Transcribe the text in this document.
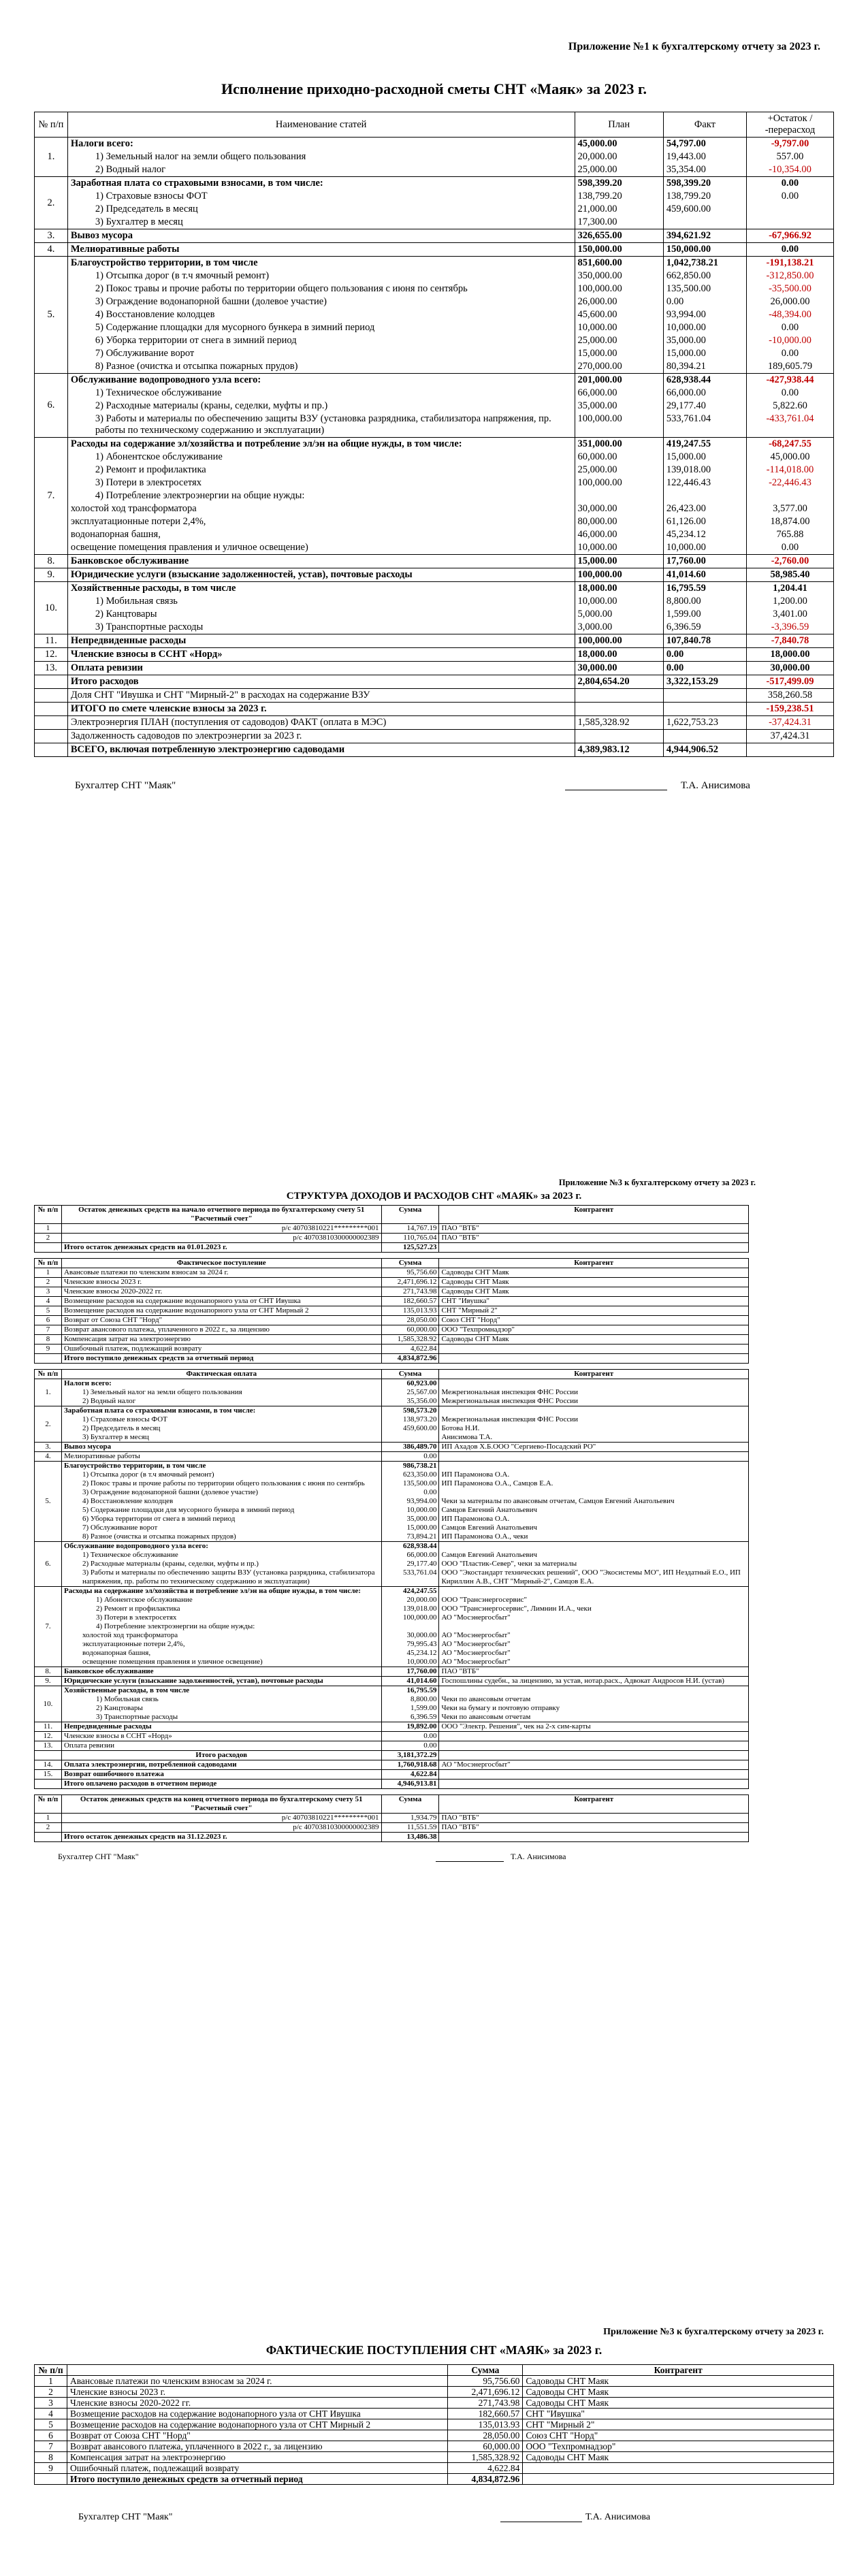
Приложение №1 к бухгалтерскому отчету за 2023 г.
Исполнение приходно-расходной сметы СНТ «Маяк» за 2023 г.
№ п/п	Наименование статей	План	Факт	+Остаток / -перерасход
1.	Налоги всего:	45,000.00	54,797.00	-9,797.00
	1) Земельный налог на земли общего пользования	20,000.00	19,443.00	557.00
	2) Водный налог	25,000.00	35,354.00	-10,354.00
2.	Заработная плата со страховыми взносами, в том числе:	598,399.20	598,399.20	0.00
	1) Страховые взносы ФОТ	138,799.20	138,799.20	0.00
	2) Председатель в месяц	21,000.00	459,600.00	
	3) Бухгалтер в месяц	17,300.00		
3.	Вывоз мусора	326,655.00	394,621.92	-67,966.92
4.	Мелиоративные работы	150,000.00	150,000.00	0.00
5.	Благоустройство территории, в том числе	851,600.00	1,042,738.21	-191,138.21
	1) Отсыпка дорог (в т.ч ямочный ремонт)	350,000.00	662,850.00	-312,850.00
	2) Покос травы и прочие работы по территории общего пользования с июня по сентябрь	100,000.00	135,500.00	-35,500.00
	3) Ограждение водонапорной башни (долевое участие)	26,000.00	0.00	26,000.00
	4) Восстановление колодцев	45,600.00	93,994.00	-48,394.00
	5) Содержание площадки для мусорного бункера в зимний период	10,000.00	10,000.00	0.00
	6) Уборка территории от снега в зимний период	25,000.00	35,000.00	-10,000.00
	7) Обслуживание ворот	15,000.00	15,000.00	0.00
	8) Разное (очистка и отсыпка пожарных прудов)	270,000.00	80,394.21	189,605.79
6.	Обслуживание водопроводного узла всего:	201,000.00	628,938.44	-427,938.44
	1) Техническое обслуживание	66,000.00	66,000.00	0.00
	2) Расходные материалы (краны, седелки, муфты и пр.)	35,000.00	29,177.40	5,822.60
	3) Работы и материалы по обеспечению защиты ВЗУ (установка разрядника, стабилизатора напряжения, пр. работы по техническому содержанию и эксплуатации)	100,000.00	533,761.04	-433,761.04
7.	Расходы на содержание эл/хозяйства и потребление эл/эн на общие нужды, в том числе:	351,000.00	419,247.55	-68,247.55
	1) Абонентское обслуживание	60,000.00	15,000.00	45,000.00
	2) Ремонт и профилактика	25,000.00	139,018.00	-114,018.00
	3) Потери в электросетях	100,000.00	122,446.43	-22,446.43
	4) Потребление электроэнергии на общие нужды:			
	холостой ход трансформатора	30,000.00	26,423.00	3,577.00
	эксплуатационные потери 2,4%,	80,000.00	61,126.00	18,874.00
	водонапорная башня,	46,000.00	45,234.12	765.88
	освещение помещения правления и уличное освещение)	10,000.00	10,000.00	0.00
8.	Банковское обслуживание	15,000.00	17,760.00	-2,760.00
9.	Юридические услуги (взыскание задолженностей, устав), почтовые расходы	100,000.00	41,014.60	58,985.40
10.	Хозяйственные расходы, в том числе	18,000.00	16,795.59	1,204.41
	1) Мобильная связь	10,000.00	8,800.00	1,200.00
	2) Канцтовары	5,000.00	1,599.00	3,401.00
	3) Транспортные расходы	3,000.00	6,396.59	-3,396.59
11.	Непредвиденные расходы	100,000.00	107,840.78	-7,840.78
12.	Членские взносы в ССНТ «Норд»	18,000.00	0.00	18,000.00
13.	Оплата ревизии	30,000.00	0.00	30,000.00
	Итого расходов	2,804,654.20	3,322,153.29	-517,499.09
	Доля СНТ "Ивушка и СНТ "Мирный-2" в расходах на содержание ВЗУ			358,260.58
	ИТОГО по смете членские взносы за 2023 г.			-159,238.51
	Электроэнергия ПЛАН (поступления от садоводов) ФАКТ (оплата в МЭС)	1,585,328.92	1,622,753.23	-37,424.31
	Задолженность садоводов по электроэнергии за 2023 г.			37,424.31
	ВСЕГО, включая потребленную электроэнергию садоводами	4,389,983.12	4,944,906.52	
Бухгалтер СНТ "Маяк"	Т.А. Анисимова
Приложение №3 к бухгалтерскому отчету за 2023 г.
СТРУКТУРА ДОХОДОВ И РАСХОДОВ СНТ «МАЯК» за 2023 г.
№ п/п	Остаток денежных средств на начало отчетного периода по бухгалтерскому счету 51 "Расчетный счет"	Сумма	Контрагент
1	р/с 40703810221*********001	14,767.19	ПАО "ВТБ"
2	р/с 40703810300000002389	110,765.04	ПАО "ВТБ"
	Итого остаток денежных средств на 01.01.2023 г.	125,527.23	

№ п/п	Фактическое поступление	Сумма	Контрагент
1	Авансовые платежи по членским взносам за 2024 г.	95,756.60	Садоводы СНТ Маяк
2	Членские взносы 2023 г.	2,471,696.12	Садоводы СНТ Маяк
3	Членские взносы 2020-2022 гг.	271,743.98	Садоводы СНТ Маяк
4	Возмещение расходов на содержание водонапорного узла от СНТ Ивушка	182,660.57	СНТ "Ивушка"
5	Возмещение расходов на содержание водонапорного узла от СНТ Мирный 2	135,013.93	СНТ "Мирный 2"
6	Возврат от Союза СНТ "Норд"	28,050.00	Союз СНТ "Норд"
7	Возврат авансового платежа, уплаченного в 2022 г., за лицензию	60,000.00	ООО "Техпромнадзор"
8	Компенсация затрат на электроэнергию	1,585,328.92	Садоводы СНТ Маяк
9	Ошибочный платеж, подлежащий возврату	4,622.84	
	Итого поступило денежных средств за отчетный период	4,834,872.96	

№ п/п	Фактическая оплата	Сумма	Контрагент
1.	Налоги всего:	60,923.00	
	1) Земельный налог на земли общего пользования	25,567.00	Межрегиональная инспекция ФНС России
	2) Водный налог	35,356.00	Межрегиональная инспекция ФНС России
2.	Заработная плата со страховыми взносами, в том числе:	598,573.20	
	1) Страховые взносы ФОТ	138,973.20	Межрегиональная инспекция ФНС России
	2) Председатель в месяц	459,600.00	Ботова Н.И.
	3) Бухгалтер в месяц		Анисимова Т.А.
3.	Вывоз мусора	386,489.70	ИП Ахадов Х.Б.ООО "Сергиево-Посадский РО"
4.	Мелиоративные работы	0.00	
5.	Благоустройство территории, в том числе	986,738.21	
	1) Отсыпка дорог (в т.ч ямочный ремонт)	623,350.00	ИП Парамонова О.А.
	2) Покос травы и прочие работы по территории общего пользования с июня по сентябрь	135,500.00	ИП Парамонова О.А., Самцов Е.А.
	3) Ограждение водонапорной башни (долевое участие)	0.00	
	4) Восстановление колодцев	93,994.00	Чеки за материалы по авансовым отчетам, Самцов Евгений Анатольевич
	5) Содержание площадки для мусорного бункера в зимний период	10,000.00	Самцов Евгений Анатольевич
	6) Уборка территории от снега в зимний период	35,000.00	ИП Парамонова О.А.
	7) Обслуживание ворот	15,000.00	Самцов Евгений Анатольевич
	8) Разное (очистка и отсыпка пожарных прудов)	73,894.21	ИП Парамонова О.А., чеки
6.	Обслуживание водопроводного узла всего:	628,938.44	
	1) Техническое обслуживание	66,000.00	Самцов Евгений Анатольевич
	2) Расходные материалы (краны, седелки, муфты и пр.)	29,177.40	ООО "Пластик-Север", чеки за материалы
	3) Работы и материалы по обеспечению защиты ВЗУ (установка разрядника, стабилизатора напряжения, пр. работы по техническому содержанию и эксплуатации)	533,761.04	ООО "Экостандарт технических решений", ООО "Экосистемы МО", ИП Нездатный Е.О., ИП Кириллин А.В., СНТ "Мирный-2", Самцов Е.А.
7.	Расходы на содержание эл/хозяйства и потребление эл/эн на общие нужды, в том числе:	424,247.55	
	1) Абонентское обслуживание	20,000.00	ООО "Трансэнергосервис"
	2) Ремонт и профилактика	139,018.00	ООО "Трансэнергосервис", Лимнин И.А., чеки
	3) Потери в электросетях	100,000.00	АО "Мосэнергосбыт"
	4) Потребление электроэнергии на общие нужды:		
	холостой ход трансформатора	30,000.00	АО "Мосэнергосбыт"
	эксплуатационные потери 2,4%,	79,995.43	АО "Мосэнергосбыт"
	водонапорная башня,	45,234.12	АО "Мосэнергосбыт"
	освещение помещения правления и уличное освещение)	10,000.00	АО "Мосэнергосбыт"
8.	Банковское обслуживание	17,760.00	ПАО "ВТБ"
9.	Юридические услуги (взыскание задолженностей, устав), почтовые расходы	41,014.60	Госпошлины судебн., за лицензию, за устав, нотар.расх., Адвокат Андросов Н.И. (устав)
10.	Хозяйственные расходы, в том числе	16,795.59	
	1) Мобильная связь	8,800.00	Чеки по авансовым отчетам
	2) Канцтовары	1,599.00	Чеки на бумагу и почтовую отправку
	3) Транспортные расходы	6,396.59	Чеки по авансовым отчетам
11.	Непредвиденные расходы	19,892.00	ООО "Электр. Решения", чек на 2-х сим-карты
12.	Членские взносы в ССНТ «Норд»	0.00	
13.	Оплата ревизии	0.00	
	Итого расходов	3,181,372.29	
14.	Оплата электроэнергии, потребленной садоводами	1,760,918.68	АО "Мосэнергосбыт"
15.	Возврат ошибочного платежа	4,622.84	
	Итого оплачено расходов в отчетном периоде	4,946,913.81	

№ п/п	Остаток денежных средств на конец отчетного периода по бухгалтерскому счету 51 "Расчетный счет"	Сумма	Контрагент
1	р/с 40703810221*********001	1,934.79	ПАО "ВТБ"
2	р/с 40703810300000002389	11,551.59	ПАО "ВТБ"
	Итого остаток денежных средств на 31.12.2023 г.	13,486.38	
Бухгалтер СНТ "Маяк"	Т.А. Анисимова
Приложение №3 к бухгалтерскому отчету за 2023 г.
ФАКТИЧЕСКИЕ ПОСТУПЛЕНИЯ СНТ «МАЯК» за 2023 г.
№ п/п		Сумма	Контрагент
1	Авансовые платежи по членским взносам за 2024 г.	95,756.60	Садоводы СНТ Маяк
2	Членские взносы 2023 г.	2,471,696.12	Садоводы СНТ Маяк
3	Членские взносы 2020-2022 гг.	271,743.98	Садоводы СНТ Маяк
4	Возмещение расходов на содержание водонапорного узла от СНТ Ивушка	182,660.57	СНТ "Ивушка"
5	Возмещение расходов на содержание водонапорного узла от СНТ Мирный 2	135,013.93	СНТ "Мирный 2"
6	Возврат от Союза СНТ "Норд"	28,050.00	Союз СНТ "Норд"
7	Возврат авансового платежа, уплаченного в 2022 г., за лицензию	60,000.00	ООО "Техпромнадзор"
8	Компенсация затрат на электроэнергию	1,585,328.92	Садоводы СНТ Маяк
9	Ошибочный платеж, подлежащий возврату	4,622.84	
	Итого поступило денежных средств за отчетный период	4,834,872.96	
Бухгалтер СНТ "Маяк"	Т.А. Анисимова
